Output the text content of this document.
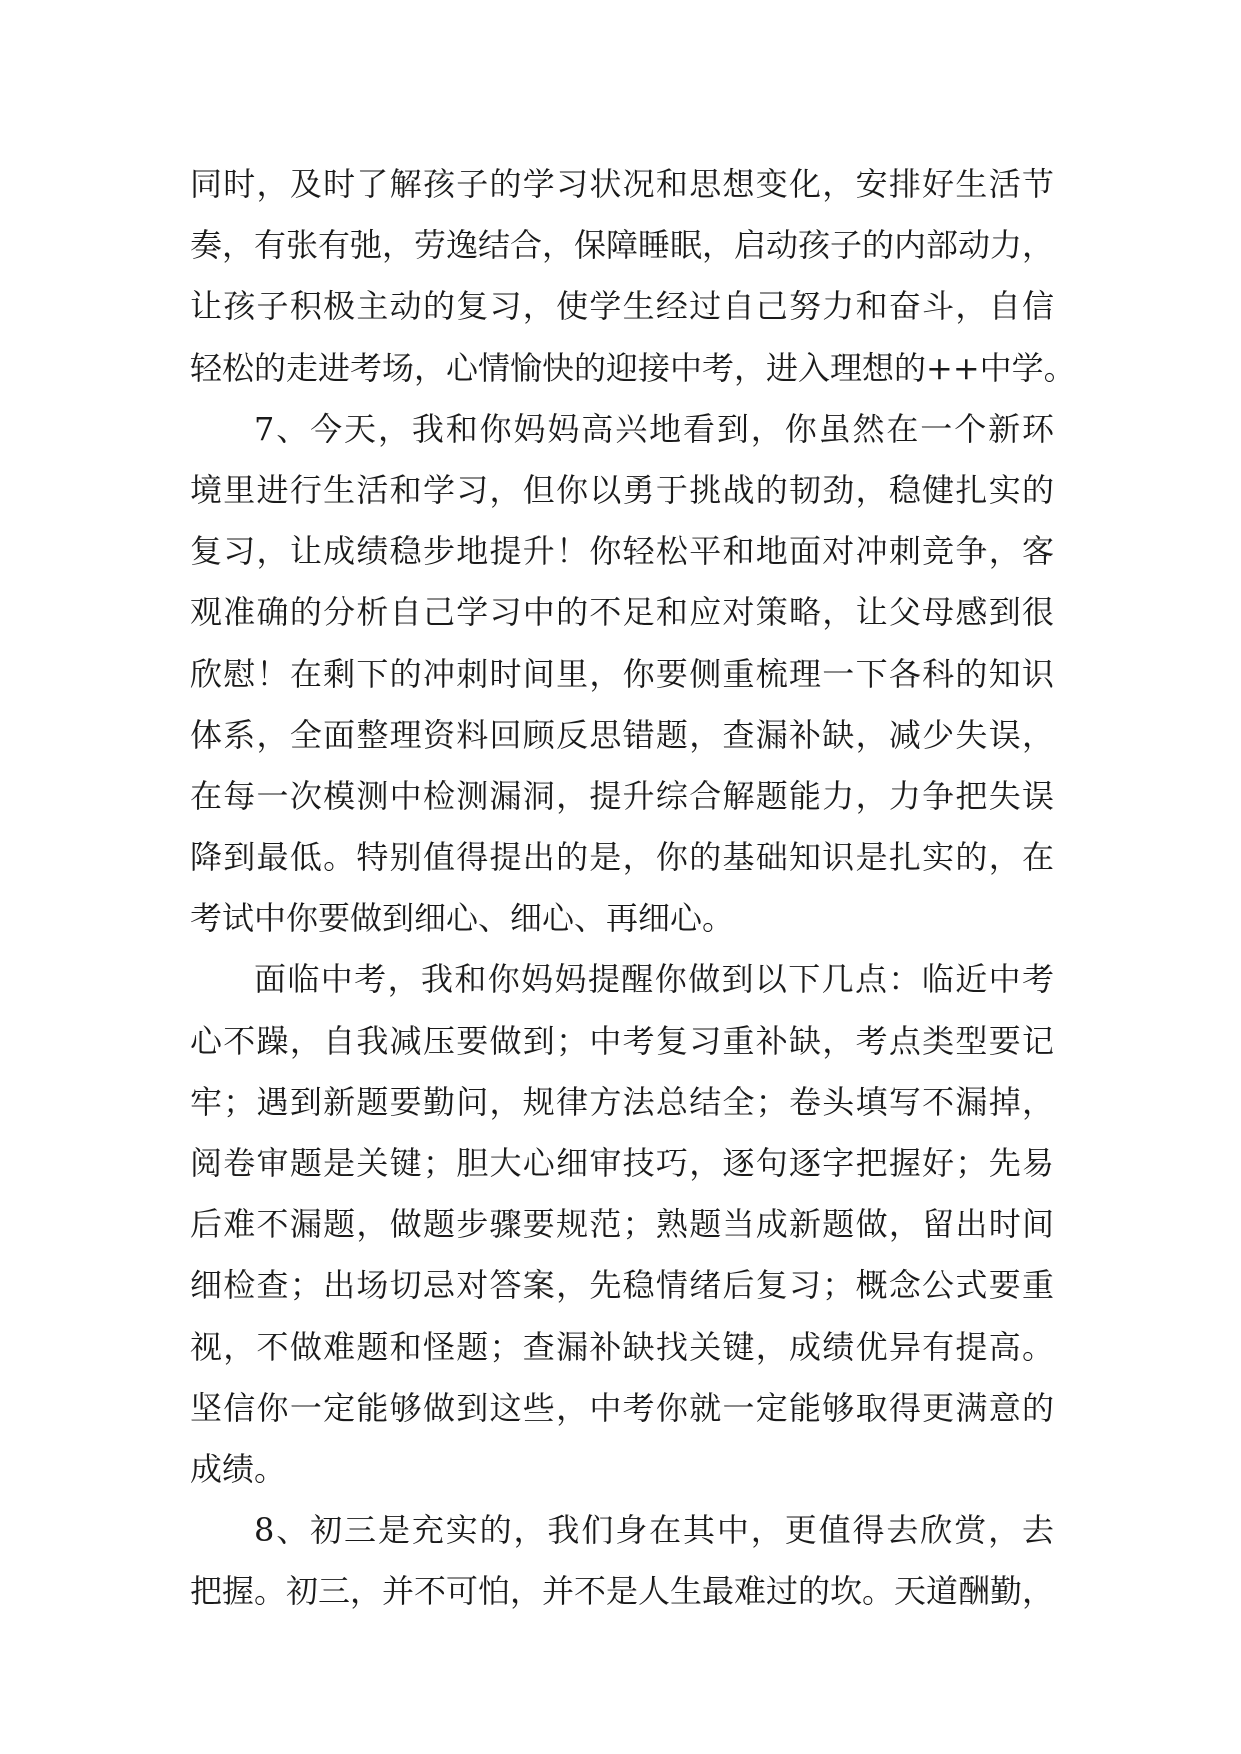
同时，及时了解孩子的学习状况和思想变化，安排好生活节
奏，有张有弛，劳逸结合，保障睡眠，启动孩子的内部动力，
让孩子积极主动的复习，使学生经过自己努力和奋斗，自信
轻松的走进考场，心情愉快的迎接中考，进入理想的++中学。
7、今天，我和你妈妈高兴地看到，你虽然在一个新环
境里进行生活和学习，但你以勇于挑战的韧劲，稳健扎实的
复习，让成绩稳步地提升！你轻松平和地面对冲刺竞争，客
观准确的分析自己学习中的不足和应对策略，让父母感到很
欣慰！在剩下的冲刺时间里，你要侧重梳理一下各科的知识
体系，全面整理资料回顾反思错题，查漏补缺，减少失误，
在每一次模测中检测漏洞，提升综合解题能力，力争把失误
降到最低。特别值得提出的是，你的基础知识是扎实的，在
考试中你要做到细心、细心、再细心。
面临中考，我和你妈妈提醒你做到以下几点：临近中考
心不躁，自我减压要做到；中考复习重补缺，考点类型要记
牢；遇到新题要勤问，规律方法总结全；卷头填写不漏掉，
阅卷审题是关键；胆大心细审技巧，逐句逐字把握好；先易
后难不漏题，做题步骤要规范；熟题当成新题做，留出时间
细检查；出场切忌对答案，先稳情绪后复习；概念公式要重
视，不做难题和怪题；查漏补缺找关键，成绩优异有提高。
坚信你一定能够做到这些，中考你就一定能够取得更满意的
成绩。
8、初三是充实的，我们身在其中，更值得去欣赏，去
把握。初三，并不可怕，并不是人生最难过的坎。天道酬勤，
